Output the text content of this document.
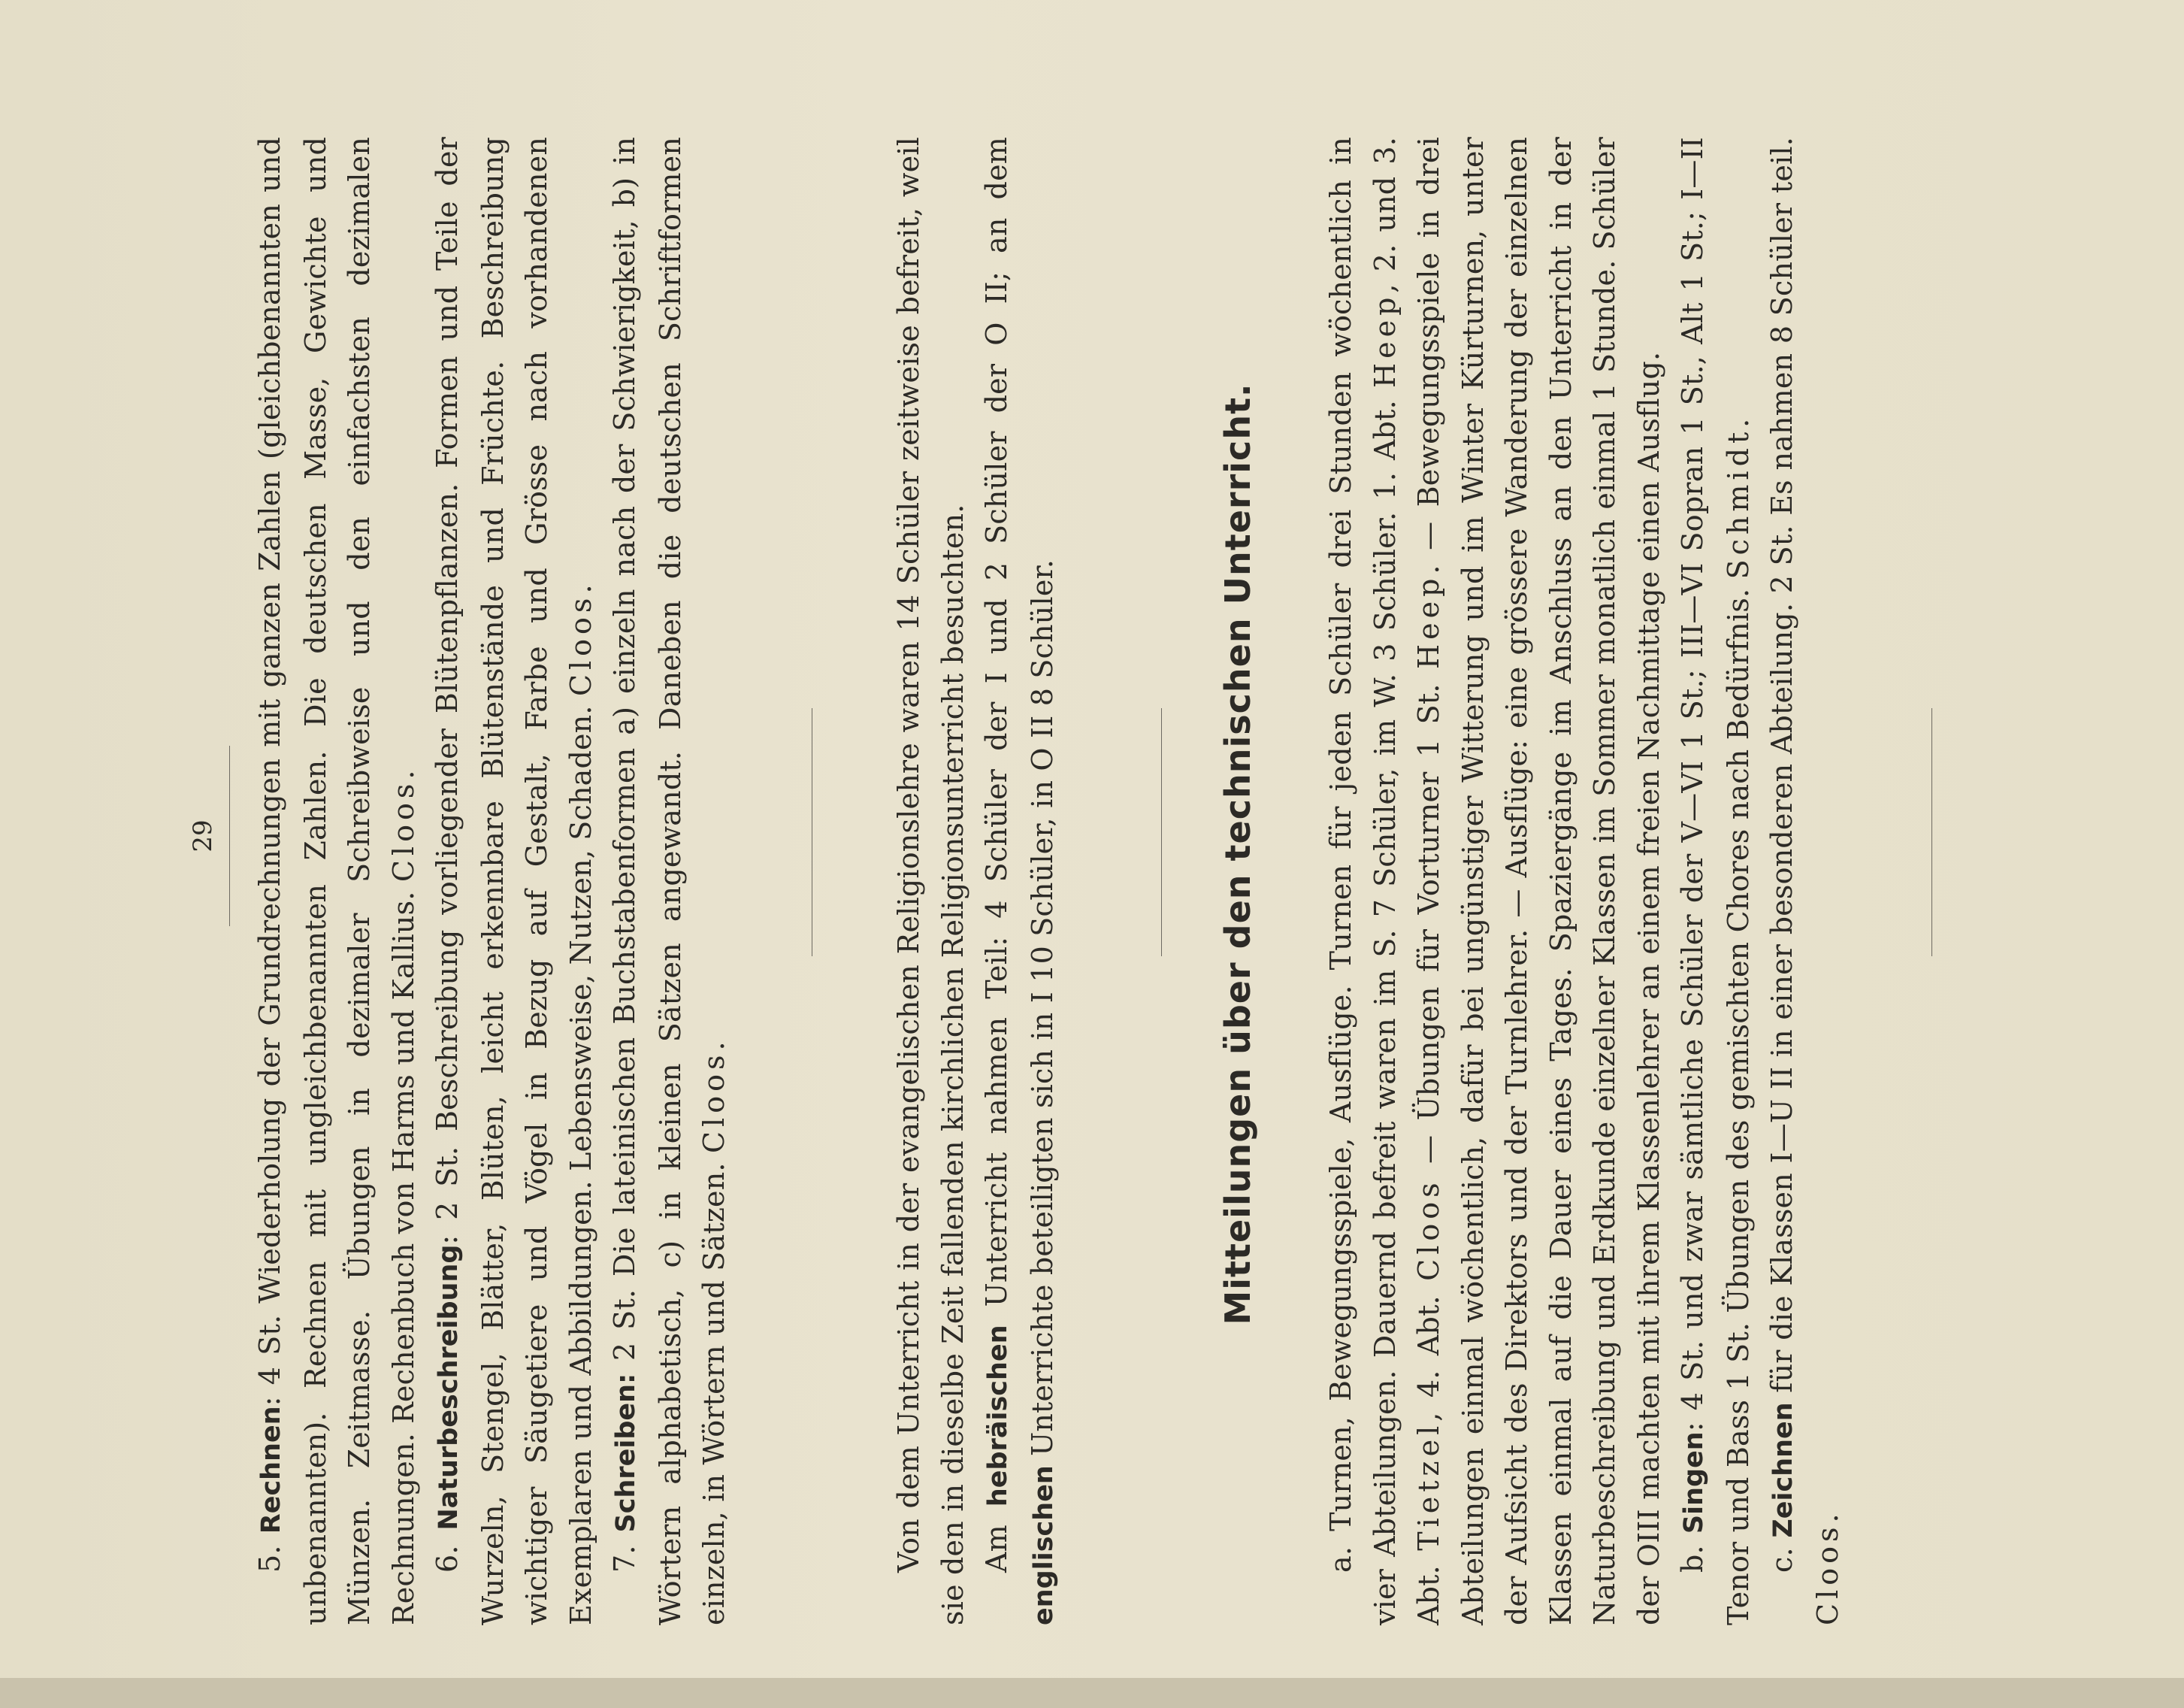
29

5. Rechnen: 4 St. Wiederholung der Grundrechnungen mit ganzen Zahlen (gleichbenannten und unbenannten). Rechnen mit ungleichbenannten Zahlen. Die deutschen Masse, Gewichte und Münzen. Zeitmasse. Übungen in dezimaler Schreibweise und den einfachsten dezimalen Rechnungen. Rechenbuch von Harms und Kallius. Cloos.

6. Naturbeschreibung: 2 St. Beschreibung vorliegender Blütenpflanzen. Formen und Teile der Wurzeln, Stengel, Blätter, Blüten, leicht erkennbare Blütenstände und Früchte. Beschreibung wichtiger Säugetiere und Vögel in Bezug auf Gestalt, Farbe und Grösse nach vorhandenen Exemplaren und Abbildungen. Lebensweise, Nutzen, Schaden. Cloos.

7. Schreiben: 2 St. Die lateinischen Buchstabenformen a) einzeln nach der Schwierigkeit, b) in Wörtern alphabetisch, c) in kleinen Sätzen angewandt. Daneben die deutschen Schriftformen einzeln, in Wörtern und Sätzen. Cloos.	Von dem Unterricht in der evangelischen Religionslehre waren 14 Schüler zeitweise befreit, weil sie den in dieselbe Zeit fallenden kirchlichen Religionsunterricht besuchten. Am hebräischen Unterricht nahmen Teil: 4 Schüler der I und 2 Schüler der O II; an dem englischen Unterrichte beteiligten sich in I 10 Schüler, in O II 8 Schüler.	Mitteilungen über den technischen Unterricht.

a. Turnen, Bewegungsspiele, Ausflüge. Turnen für jeden Schüler drei Stunden wöchentlich in vier Abteilungen. Dauernd befreit waren im S. 7 Schüler, im W. 3 Schüler. 1. Abt. Heep, 2. und 3. Abt. Tietzel, 4. Abt. Cloos — Übungen für Vorturner 1 St. Heep. — Bewegungsspiele in drei Abteilungen einmal wöchentlich, dafür bei ungünstiger Witterung und im Winter Kürturnen, unter der Aufsicht des Direktors und der Turnlehrer. — Ausflüge: eine grössere Wanderung der einzelnen Klassen einmal auf die Dauer eines Tages. Spaziergänge im Anschluss an den Unterricht in der Naturbeschreibung und Erdkunde einzelner Klassen im Sommer monatlich einmal 1 Stunde. Schüler der OIII machten mit ihrem Klassenlehrer an einem freien Nachmittage einen Ausflug. b. Singen: 4 St. und zwar sämtliche Schüler der V—VI 1 St.; III—VI Sopran 1 St., Alt 1 St.; I—II Tenor und Bass 1 St. Übungen des gemischten Chores nach Bedürfnis. Schmidt.

c. Zeichnen für die Klassen I—U II in einer besonderen Abteilung. 2 St. Es nahmen 8 Schüler teil. Cloos.
